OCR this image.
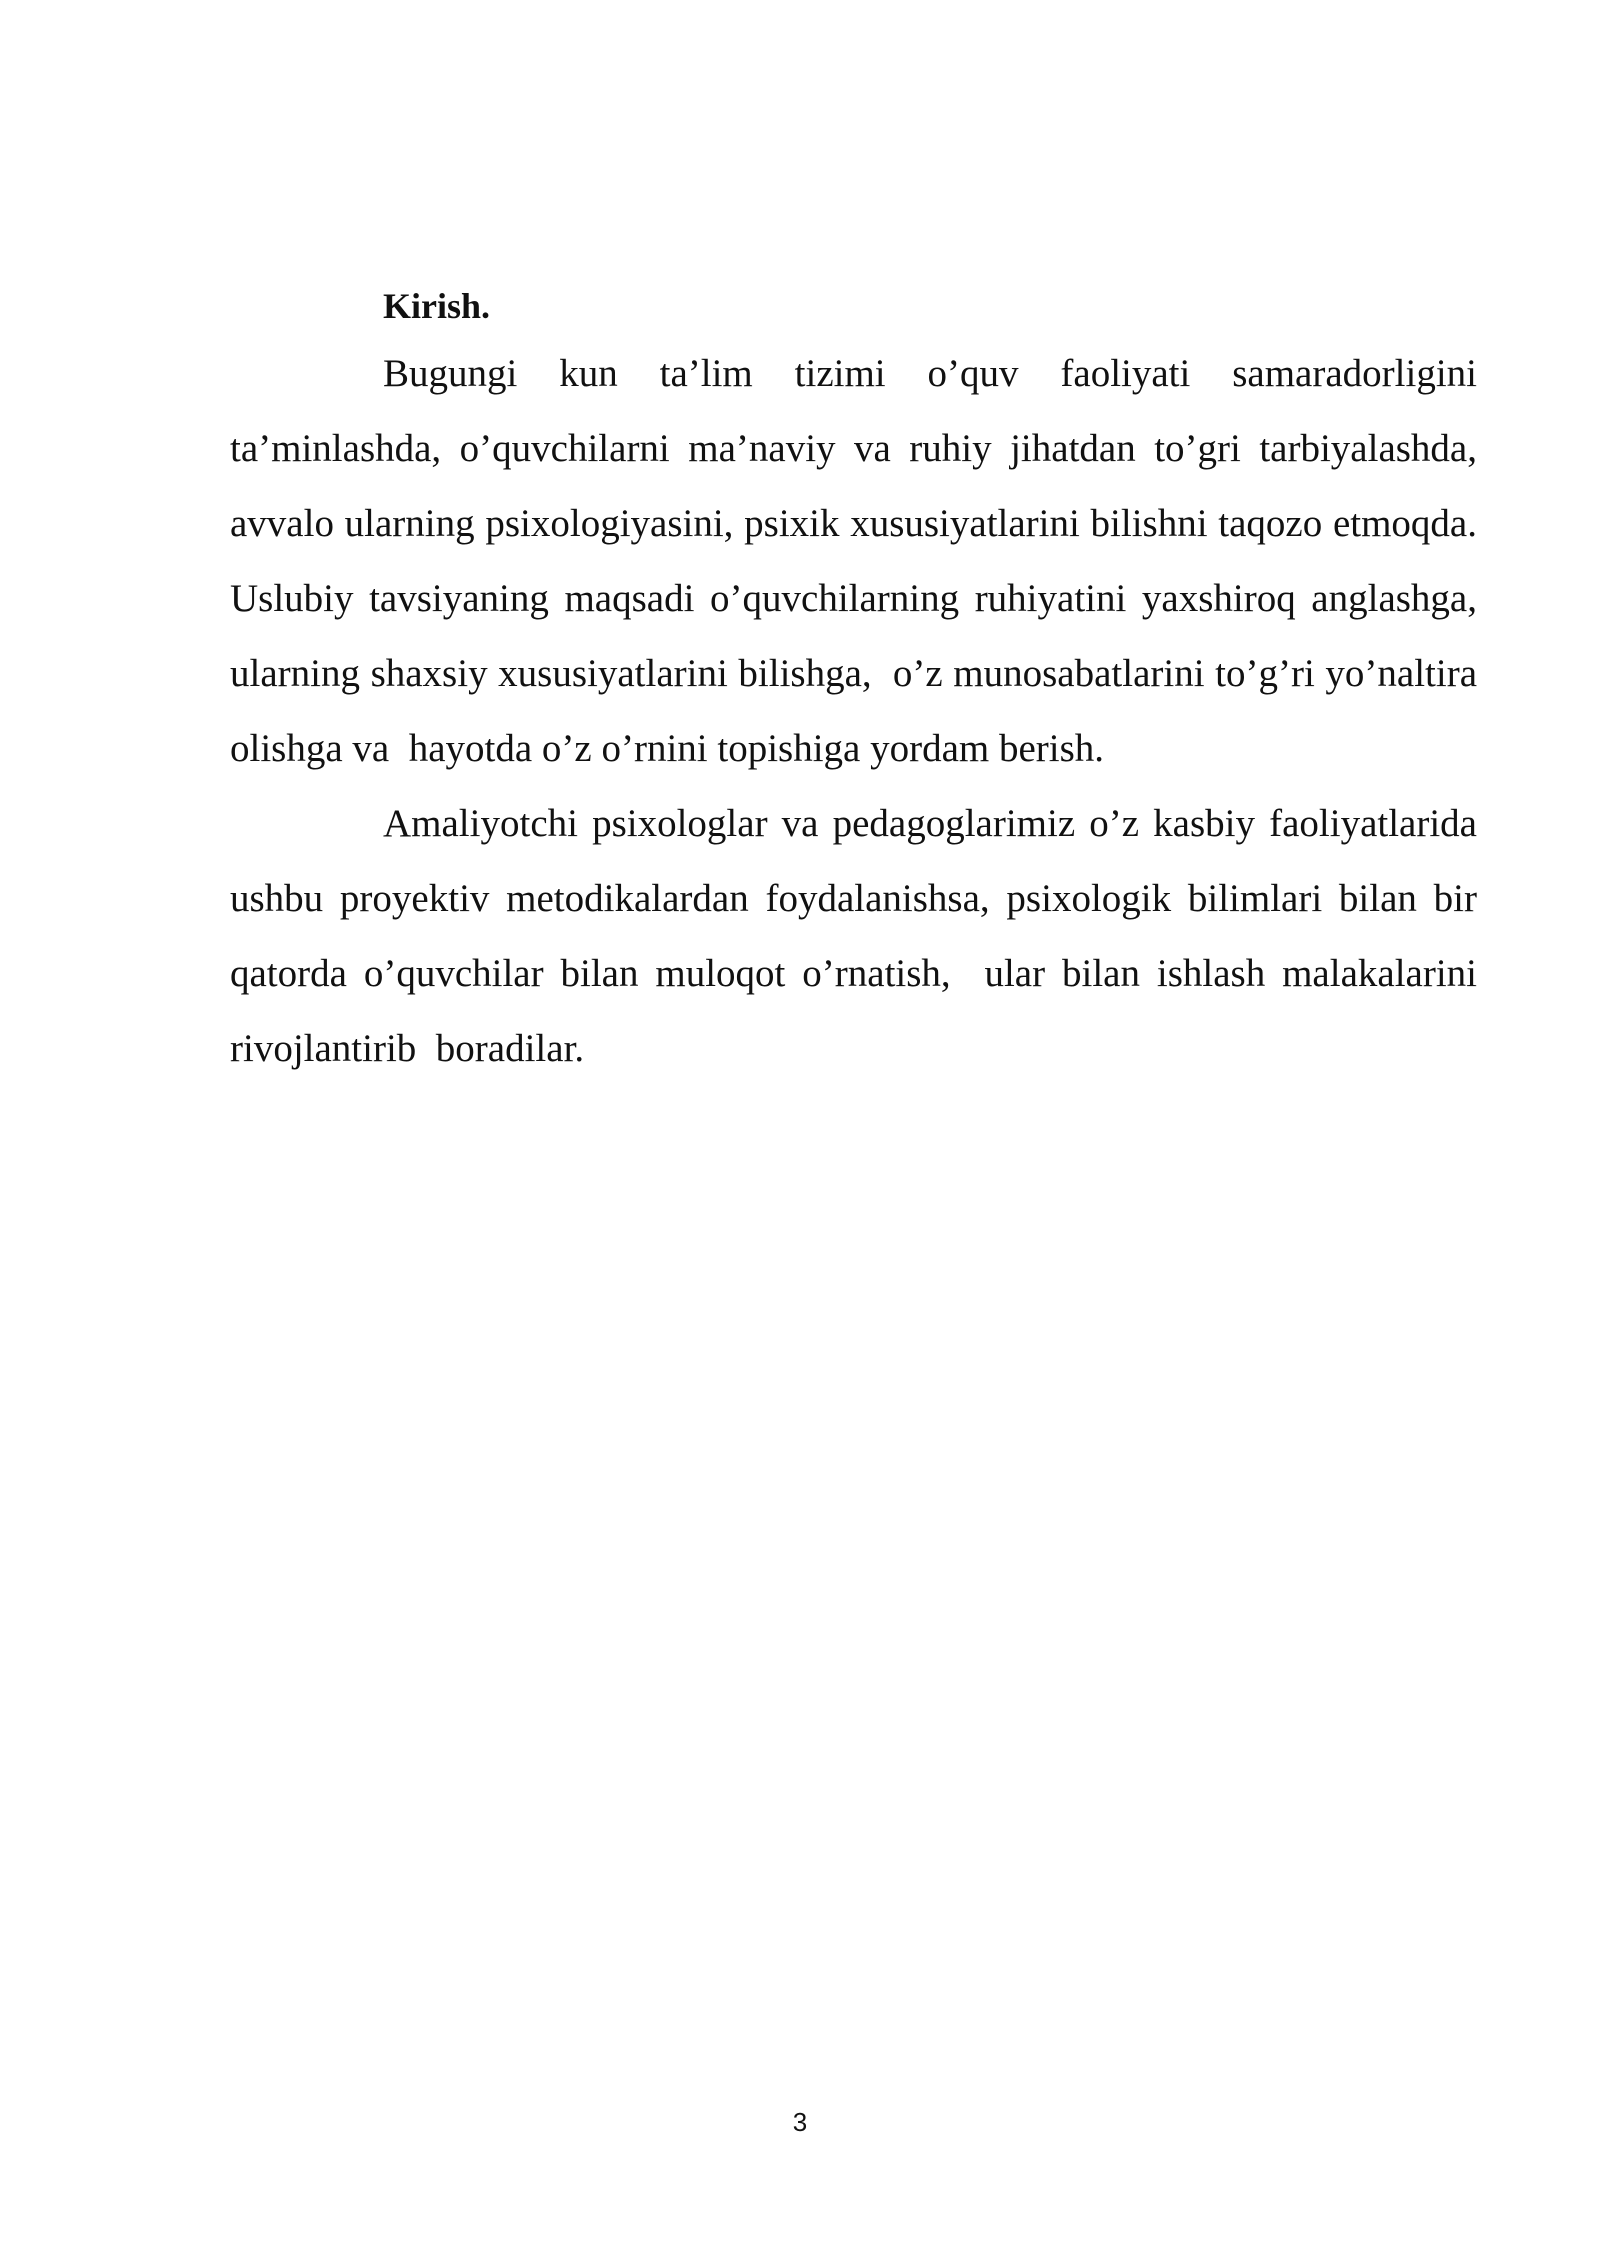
Kirish.

Bugungi kun ta’lim tizimi o’quv faoliyati samaradorligini ta’minlashda, o’quvchilarni ma’naviy va ruhiy jihatdan to’gri tarbiyalashda, avvalo ularning psixologiyasini, psixik xususiyatlarini bilishni taqozo etmoqda. Uslubiy tavsiyaning maqsadi o’quvchilarning ruhiyatini yaxshiroq anglashga, ularning shaxsiy xususiyatlarini bilishga,  o’z munosabatlarini to’g’ri yo’naltira olishga va  hayotda o’z o’rnini topishiga yordam berish.

Amaliyotchi psixologlar va pedagoglarimiz o’z kasbiy faoliyatlarida ushbu proyektiv metodikalardan foydalanishsa, psixologik bilimlari bilan bir qatorda o’quvchilar bilan muloqot o’rnatish,  ular bilan ishlash malakalarini  rivojlantirib  boradilar.

3
